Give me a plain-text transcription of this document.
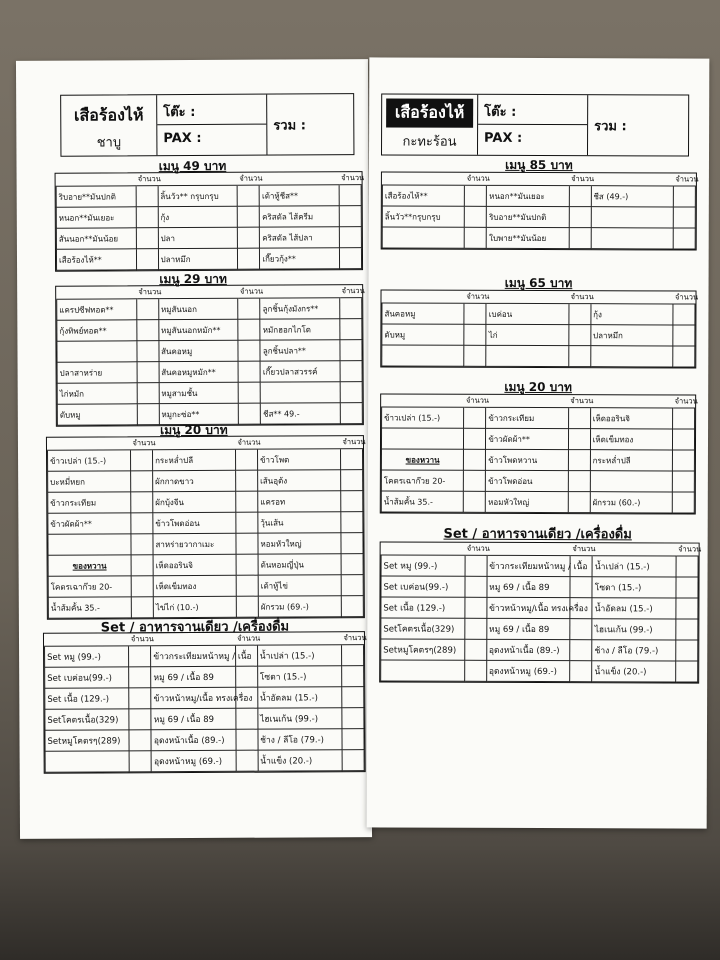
เสือร้องไห้
ชาบู
โต๊ะ :
PAX :
รวม :
เมนู 49 บาท
	จำนวน		จำนวน		จำนวน
ริบอาย**มันปกติ		ลิ้นวัว** กรุบกรุบ		เต้าหู้ชีส**	
หนอก**มันเยอะ		กุ้ง		คริสตัล ไส้ครีม	
สันนอก**มันน้อย		ปลา		คริสตัล ไส้ปลา	
เสือร้องไห้**		ปลาหมึก		เกี๊ยวกุ้ง**	
เมนู 29 บาท
	จำนวน		จำนวน		จำนวน
แครปซีฟทอด**		หมูสันนอก		ลูกชิ้นกุ้งมังกร**	
กุ้งทิพย์ทอด**		หมูสันนอกหมัก**		หมักฮอกไกโด	
		สันคอหมู		ลูกชิ้นปลา**	
ปลาสาหร่าย		สันคอหมูหมัก**		เกี๊ยวปลาสวรรค์	
ไก่หมัก		หมูสามชั้น			
ตับหมู		หมูกะซ่อ**		ชีส** 49.-	
เมนู 20 บาท
	จำนวน		จำนวน		จำนวน
ข้าวเปล่า (15.-)		กระหล่ำปลี		ข้าวโพด	
บะหมี่หยก		ผักกาดขาว		เส้นอุด้ง	
ข้าวกระเทียม		ผักบุ้งจีน		แครอท	
ข้าวผัดผ้า**		ข้าวโพดอ่อน		วุ้นเส้น	
		สาหร่ายวากาเมะ		หอมหัวใหญ่	
ของหวาน		เห็ดออรินจิ		ต้นหอมญี่ปุ่น	
โคตรเฉาก๊วย 20-		เห็ดเข็มทอง		เต้าหู้ไข่	
น้ำส้มคั้น 35.-		ไข่ไก่ (10.-)		ผักรวม (69.-)	
Set / อาหารจานเดียว /เครื่องดื่ม
	จำนวน		จำนวน		จำนวน
Set หมู (99.-)		ข้าวกระเทียมหน้าหมู / เนื้อ		น้ำเปล่า (15.-)	
Set เบค่อน(99.-)		หมู 69 / เนื้อ 89		โซดา (15.-)	
Set เนื้อ (129.-)		ข้าวหน้าหมู/เนื้อ ทรงเครื่อง		น้ำอัดลม (15.-)	
Setโคตรเนื้อ(329)		หมู 69 / เนื้อ 89		ไฮเนเก้น (99.-)	
Setหมูโคตรๆ(289)		อุดงหน้าเนื้อ (89.-)		ช้าง / ลีโอ (79.-)	
		อุดงหน้าหมู (69.-)		น้ำแข็ง (20.-)	
เสือร้องไห้
กะทะร้อน
โต๊ะ :
PAX :
รวม :
เมนู 85 บาท
	จำนวน		จำนวน		จำนวน
เสือร้องไห้**		หนอก**มันเยอะ		ชีส (49.-)	
ลิ้นวัว**กรุบกรุบ		ริบอาย**มันปกติ			
		ใบพาย**มันน้อย			
เมนู 65 บาท
	จำนวน		จำนวน		จำนวน
สันคอหมู		เบค่อน		กุ้ง	
ตับหมู		ไก่		ปลาหมึก	

เมนู 20 บาท
	จำนวน		จำนวน		จำนวน
ข้าวเปล่า (15.-)		ข้าวกระเทียม		เห็ดออรินจิ	
		ข้าวผัดผ้า**		เห็ดเข็มทอง	
ของหวาน		ข้าวโพดหวาน		กระหล่ำปลี	
โคตรเฉาก๊วย 20-		ข้าวโพดอ่อน			
น้ำส้มคั้น 35.-		หอมหัวใหญ่		ผักรวม (60.-)	
Set / อาหารจานเดียว /เครื่องดื่ม
	จำนวน		จำนวน		จำนวน
Set หมู (99.-)		ข้าวกระเทียมหน้าหมู / เนื้อ		น้ำเปล่า (15.-)	
Set เบค่อน(99.-)		หมู 69 / เนื้อ 89		โซดา (15.-)	
Set เนื้อ (129.-)		ข้าวหน้าหมู/เนื้อ ทรงเครื่อง		น้ำอัดลม (15.-)	
Setโคตรเนื้อ(329)		หมู 69 / เนื้อ 89		ไฮเนเก้น (99.-)	
Setหมูโคตรๆ(289)		อุดงหน้าเนื้อ (89.-)		ช้าง / ลีโอ (79.-)	
		อุดงหน้าหมู (69.-)		น้ำแข็ง (20.-)	
